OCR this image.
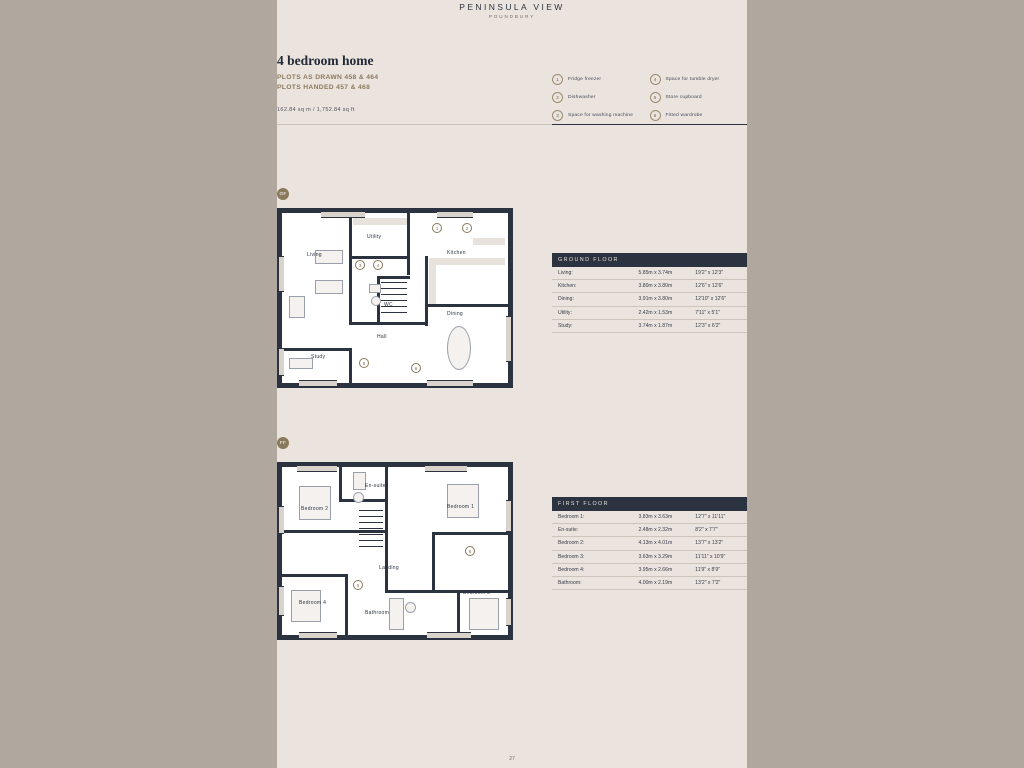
PENINSULA VIEW
POUNDBURY
4 bedroom home
PLOTS AS DRAWN 458 & 464
PLOTS HANDED 457 & 468
162.84 sq m / 1,752.84 sq ft
1	Fridge freezer
2	Dishwasher
3	Space for washing machine
4	Space for tumble dryer
5	Store cupboard
6	Fitted wardrobe
GF
1	2
3	4
5
6
Living
Utility
Kitchen
WC
Hall
Dining
Study
GROUND FLOOR
Living:	5.85m x 3.74m	19'2" x 12'3"
Kitchen:	3.80m x 3.80m	12'6" x 12'6"
Dining:	3.91m x 3.80m	12'10" x 12'6"
Utility:	2.42m x 1.53m	7'11" x 5'1"
Study:	3.74m x 1.87m	12'3" x 6'2"
FF
6
5
Bedroom 2
En-suite
Bedroom 1
Landing
Bedroom 4
Bathroom
Bedroom 3
FIRST FLOOR
Bedroom 1:	3.83m x 3.63m	12'7" x 11'11"
En-suite:	2.48m x 2.32m	8'2" x 7'7"
Bedroom 2:	4.13m x 4.01m	13'7" x 13'2"
Bedroom 3:	3.63m x 3.29m	11'11" x 10'9"
Bedroom 4:	3.95m x 2.66m	11'9" x 8'9"
Bathroom:	4.00m x 2.19m	13'2" x 7'2"
27
